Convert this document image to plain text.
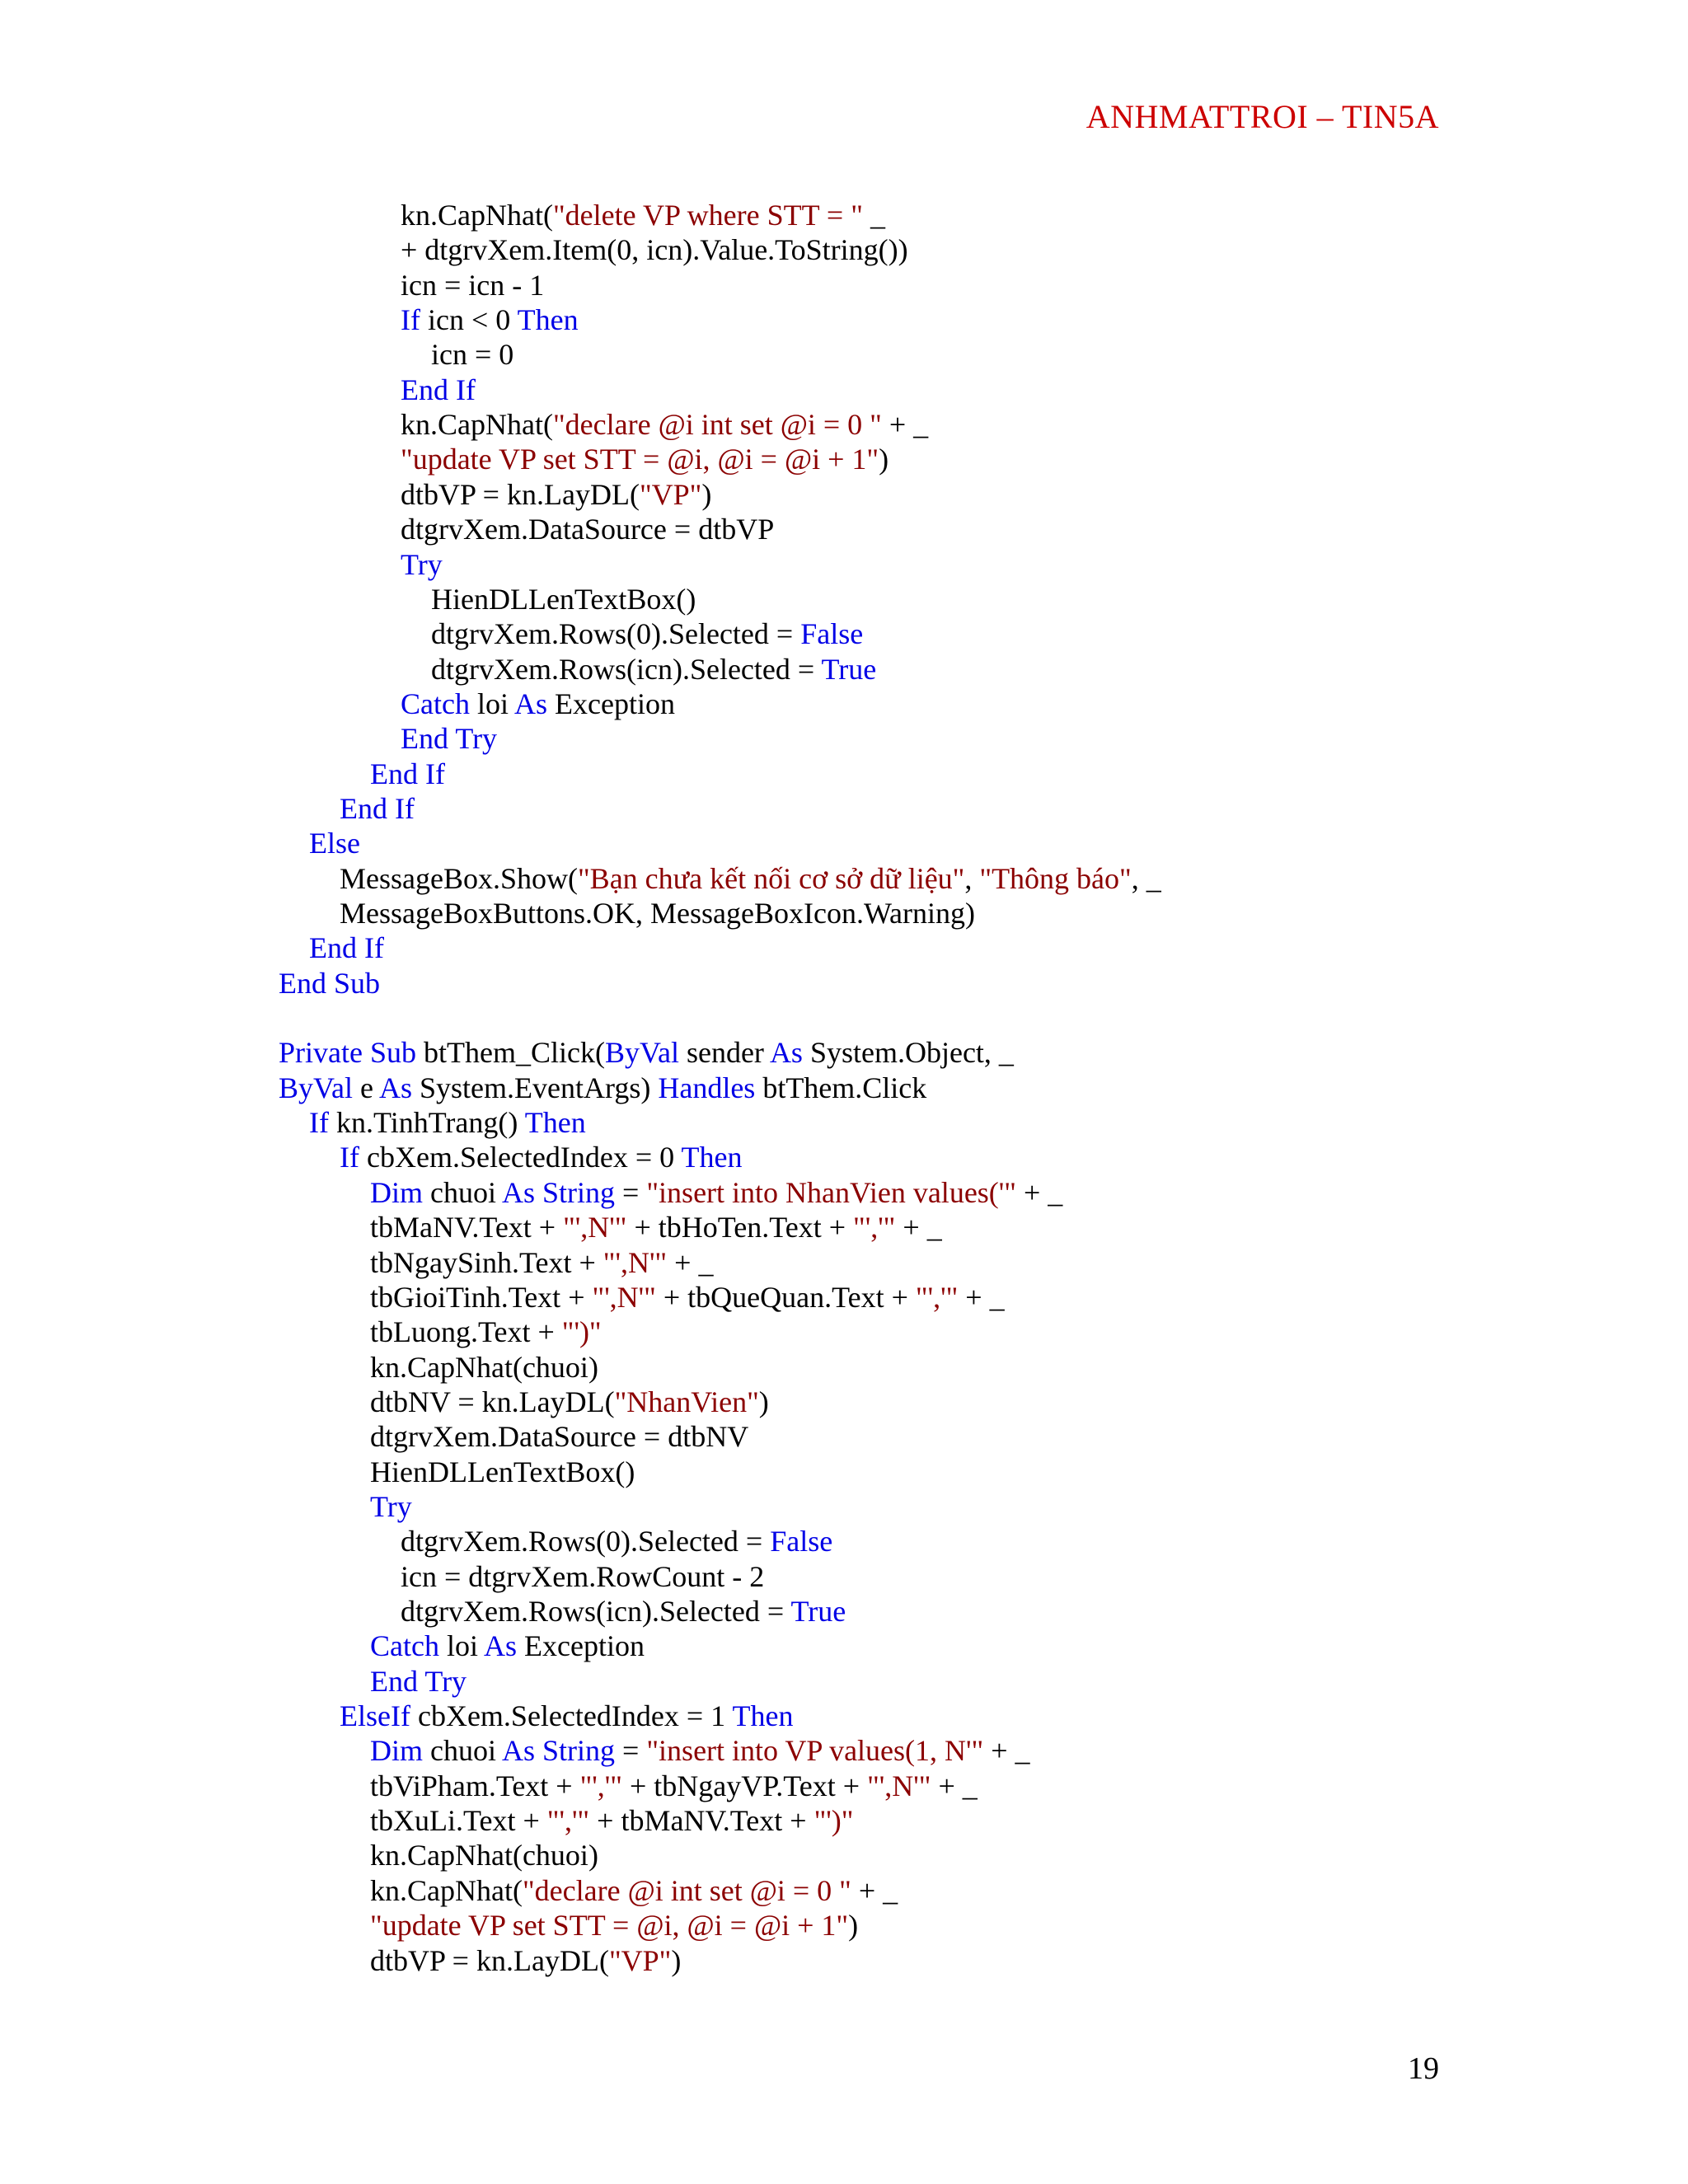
ANHMATTROI – TIN5A
kn.CapNhat("delete VP where STT = " _
+ dtgrvXem.Item(0, icn).Value.ToString())
icn = icn - 1
If icn < 0 Then
icn = 0
End If
kn.CapNhat("declare @i int set @i = 0 " + _
"update VP set STT = @i, @i = @i + 1")
dtbVP = kn.LayDL("VP")
dtgrvXem.DataSource = dtbVP
Try
HienDLLenTextBox()
dtgrvXem.Rows(0).Selected = False
dtgrvXem.Rows(icn).Selected = True
Catch loi As Exception
End Try
End If
End If
Else
MessageBox.Show("Bạn chưa kết nối cơ sở dữ liệu", "Thông báo", _
MessageBoxButtons.OK, MessageBoxIcon.Warning)
End If
End Sub
Private Sub btThem_Click(ByVal sender As System.Object, _
ByVal e As System.EventArgs) Handles btThem.Click
If kn.TinhTrang() Then
If cbXem.SelectedIndex = 0 Then
Dim chuoi As String = "insert into NhanVien values('" + _
tbMaNV.Text + "',N'" + tbHoTen.Text + "','" + _
tbNgaySinh.Text + "',N'" + _
tbGioiTinh.Text + "',N'" + tbQueQuan.Text + "','" + _
tbLuong.Text + "')"
kn.CapNhat(chuoi)
dtbNV = kn.LayDL("NhanVien")
dtgrvXem.DataSource = dtbNV
HienDLLenTextBox()
Try
dtgrvXem.Rows(0).Selected = False
icn = dtgrvXem.RowCount - 2
dtgrvXem.Rows(icn).Selected = True
Catch loi As Exception
End Try
ElseIf cbXem.SelectedIndex = 1 Then
Dim chuoi As String = "insert into VP values(1, N'" + _
tbViPham.Text + "','" + tbNgayVP.Text + "',N'" + _
tbXuLi.Text + "','" + tbMaNV.Text + "')"
kn.CapNhat(chuoi)
kn.CapNhat("declare @i int set @i = 0 " + _
"update VP set STT = @i, @i = @i + 1")
dtbVP = kn.LayDL("VP")
19
